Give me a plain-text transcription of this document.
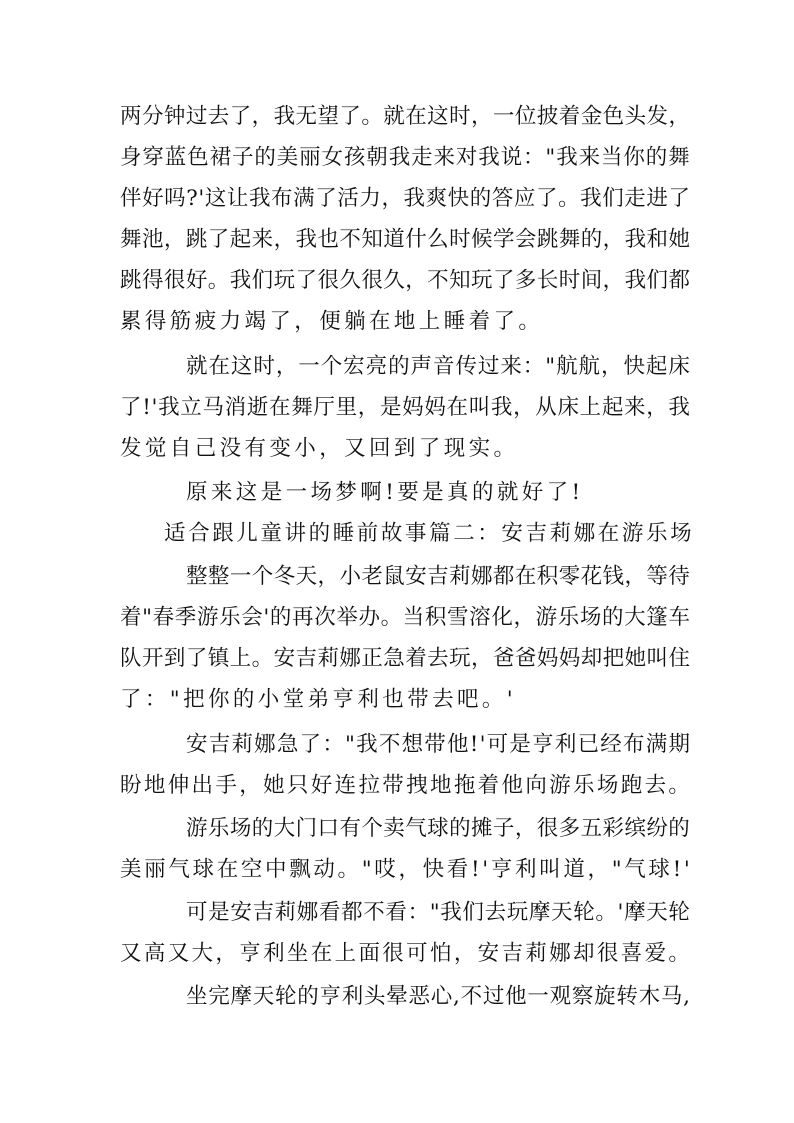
两 分 钟 过 去 了 ， 我 无 望 了 。 就 在 这 时 ， 一 位 披 着 金 色 头 发 ，
身 穿 蓝 色 裙 子 的 美 丽 女 孩 朝 我 走 来 对 我 说 ： " 我 来 当 你 的 舞
伴 好 吗 ? ' 这 让 我 布 满 了 活 力 ， 我 爽 快 的 答 应 了 。 我 们 走 进 了
舞 池 ， 跳 了 起 来 ， 我 也 不 知 道 什 么 时 候 学 会 跳 舞 的 ， 我 和 她
跳 得 很 好 。 我 们 玩 了 很 久 很 久 ， 不 知 玩 了 多 长 时 间 ， 我 们 都
累得筋疲力竭了，便躺在地上睡着了。
就 在 这 时 ， 一 个 宏 亮 的 声 音 传 过 来 ： " 航 航 ， 快 起 床
了 ! ' 我 立 马 消 逝 在 舞 厅 里 ， 是 妈 妈 在 叫 我 ， 从 床 上 起 来 ， 我
发觉自己没有变小，又回到了现实。
原来这是一场梦啊!要是真的就好了!
适合跟儿童讲的睡前故事篇二：安吉莉娜在游乐场
整 整 一 个 冬 天 ， 小 老 鼠 安 吉 莉 娜 都 在 积 零 花 钱 ， 等 待
着 " 春 季 游 乐 会 ' 的 再 次 举 办 。 当 积 雪 溶 化 ， 游 乐 场 的 大 篷 车
队 开 到 了 镇 上 。 安 吉 莉 娜 正 急 着 去 玩 ， 爸 爸 妈 妈 却 把 她 叫 住
了："把你的小堂弟亨利也带去吧。'
安 吉 莉 娜 急 了 ： " 我 不 想 带 他 ! ' 可 是 亨 利 已 经 布 满 期
盼 地 伸 出 手 ， 她 只 好 连 拉 带 拽 地 拖 着 他 向 游 乐 场 跑 去 。
游 乐 场 的 大 门 口 有 个 卖 气 球 的 摊 子 ， 很 多 五 彩 缤 纷 的
美 丽 气 球 在 空 中 飘 动 。 " 哎 ， 快 看 ! ' 亨 利 叫 道 ， " 气 球 ! '
可 是 安 吉 莉 娜 看 都 不 看 ： " 我 们 去 玩 摩 天 轮 。 ' 摩 天 轮
又 高 又 大 ， 亨 利 坐 在 上 面 很 可 怕 ， 安 吉 莉 娜 却 很 喜 爱 。
坐 完 摩 天 轮 的 亨 利 头 晕 恶 心 , 不 过 他 一 观 察 旋 转 木 马 ,
